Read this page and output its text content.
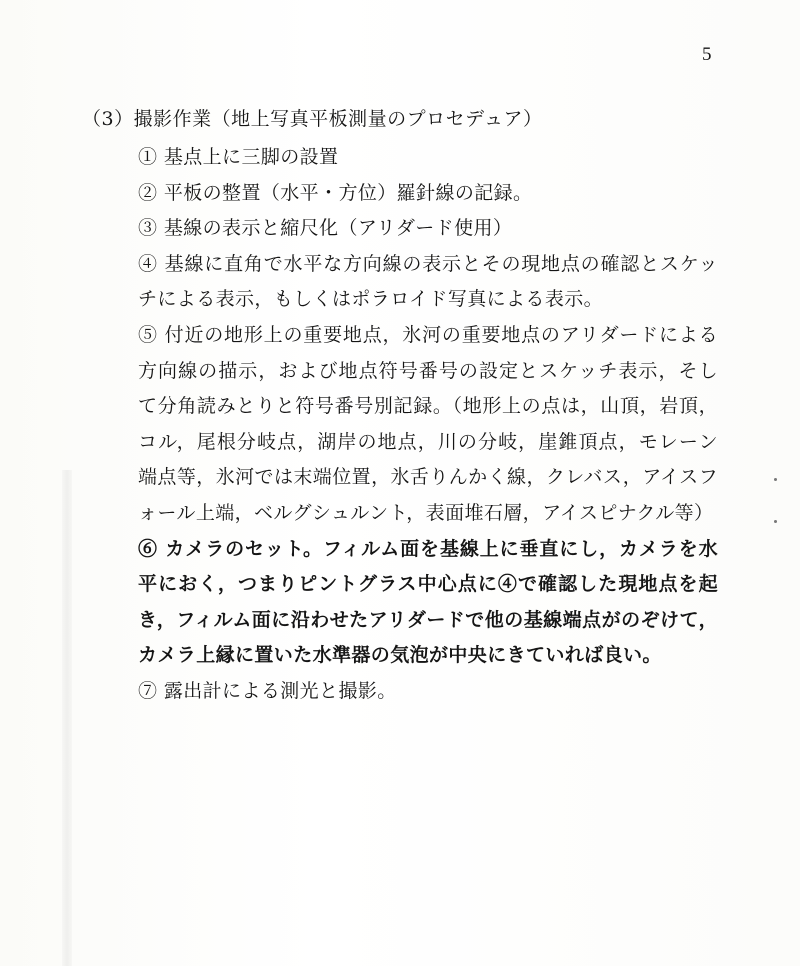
5
（3）撮影作業（地上写真平板測量のプロセデュア）

① 基点上に三脚の設置

② 平板の整置（水平・方位）羅針線の記録。

③ 基線の表示と縮尺化（アリダード使用）

④ 基線に直角で水平な方向線の表示とその現地点の確認とスケッチによる表示，もしくはポラロイド写真による表示。

⑤ 付近の地形上の重要地点，氷河の重要地点のアリダードによる方向線の描示，および地点符号番号の設定とスケッチ表示，そして分角読みとりと符号番号別記録。（地形上の点は，山頂，岩頂，コル，尾根分岐点，湖岸の地点，川の分岐，崖錐頂点，モレーン端点等，氷河では末端位置，氷舌りんかく線，クレバス，アイスフォール上端，ベルグシュルント，表面堆石層，アイスピナクル等）

⑥ カメラのセット。フィルム面を基線上に垂直にし，カメラを水平におく，つまりピントグラス中心点に④で確認した現地点を起き，フィルム面に沿わせたアリダードで他の基線端点がのぞけて，カメラ上縁に置いた水準器の気泡が中央にきていれば良い。

⑦ 露出計による測光と撮影。
